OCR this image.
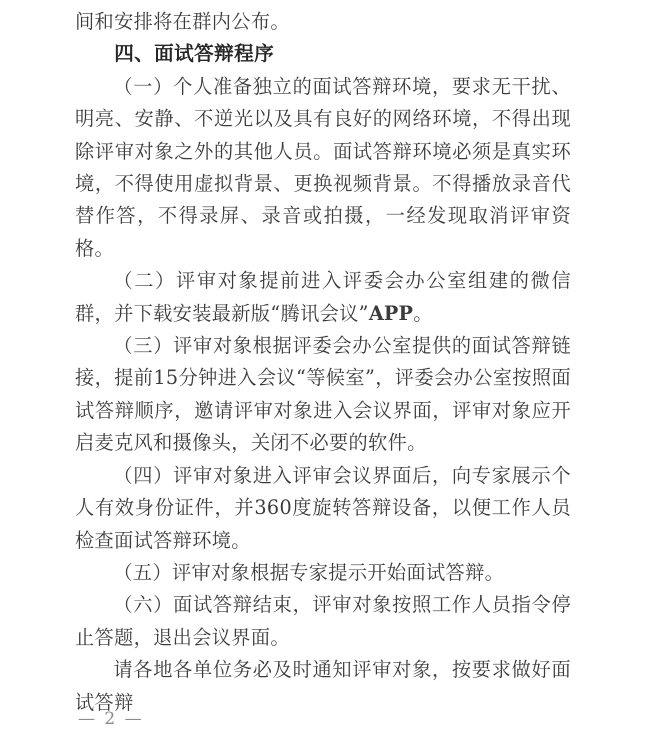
间和安排将在群内公布。

四、面试答辩程序

（一）个人准备独立的面试答辩环境，要求无干扰、明亮、安静、不逆光以及具有良好的网络环境，不得出现除评审对象之外的其他人员。面试答辩环境必须是真实环境，不得使用虚拟背景、更换视频背景。不得播放录音代替作答，不得录屏、录音或拍摄，一经发现取消评审资格。

（二）评审对象提前进入评委会办公室组建的微信群，并下载安装最新版“腾讯会议”APP。

（三）评审对象根据评委会办公室提供的面试答辩链接，提前15分钟进入会议“等候室”，评委会办公室按照面试答辩顺序，邀请评审对象进入会议界面，评审对象应开启麦克风和摄像头，关闭不必要的软件。

（四）评审对象进入评审会议界面后，向专家展示个人有效身份证件，并360度旋转答辩设备，以便工作人员检查面试答辩环境。

（五）评审对象根据专家提示开始面试答辩。

（六）面试答辩结束，评审对象按照工作人员指令停止答题，退出会议界面。

请各地各单位务必及时通知评审对象，按要求做好面试答辩

— 2 —
